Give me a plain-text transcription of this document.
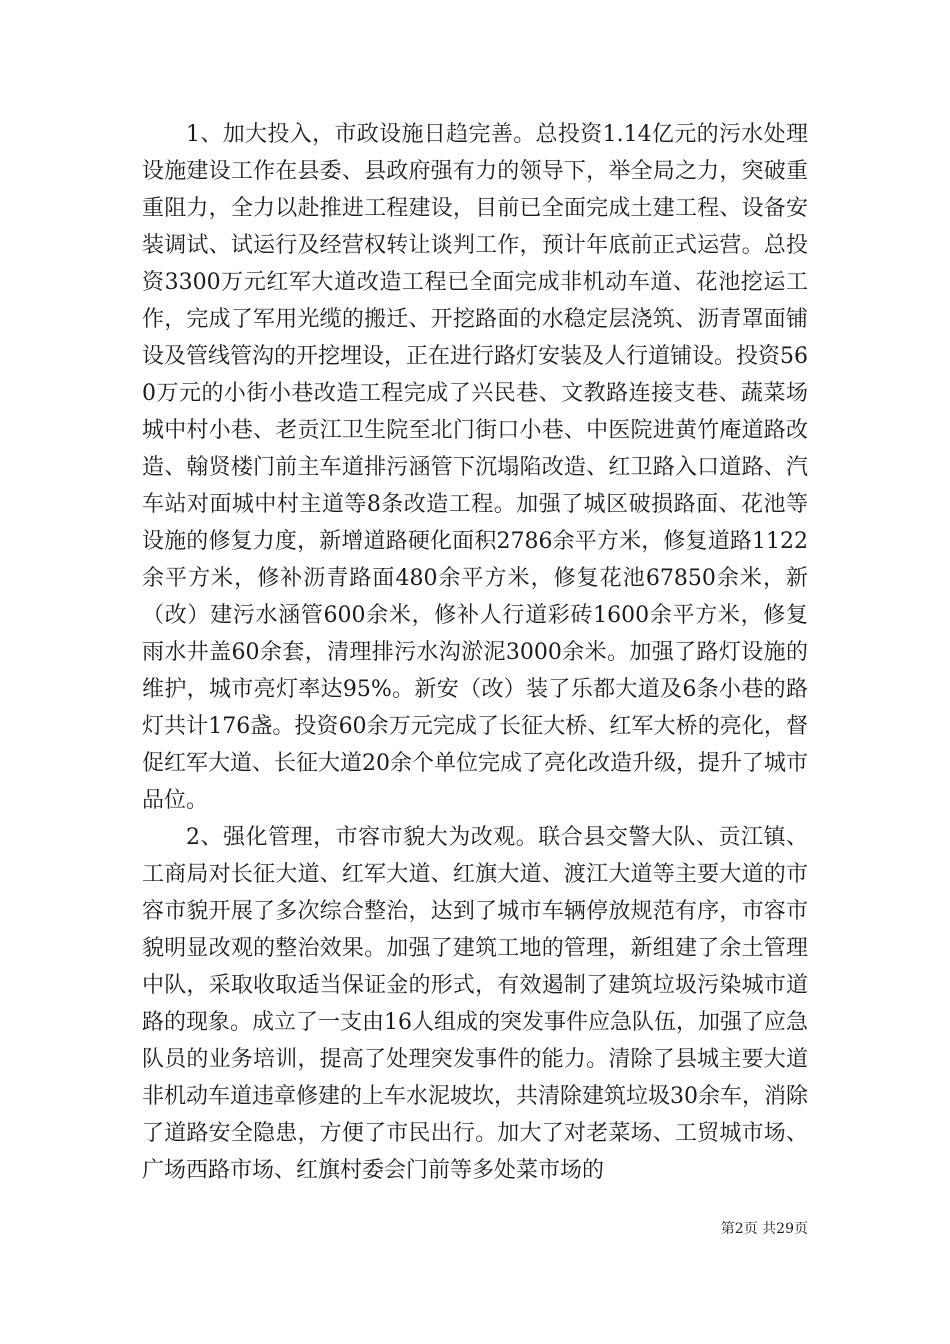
1、加大投入，市政设施日趋完善。总投资1.14亿元的污水处理设施建设工作在县委、县政府强有力的领导下，举全局之力，突破重重阻力，全力以赴推进工程建设，目前已全面完成土建工程、设备安装调试、试运行及经营权转让谈判工作，预计年底前正式运营。总投资3300万元红军大道改造工程已全面完成非机动车道、花池挖运工作，完成了军用光缆的搬迁、开挖路面的水稳定层浇筑、沥青罩面铺设及管线管沟的开挖埋设，正在进行路灯安装及人行道铺设。投资560万元的小街小巷改造工程完成了兴民巷、文教路连接支巷、蔬菜场城中村小巷、老贡江卫生院至北门街口小巷、中医院进黄竹庵道路改造、翰贤楼门前主车道排污涵管下沉塌陷改造、红卫路入口道路、汽车站对面城中村主道等8条改造工程。加强了城区破损路面、花池等设施的修复力度，新增道路硬化面积2786余平方米，修复道路1122余平方米，修补沥青路面480余平方米，修复花池67850余米，新（改）建污水涵管600余米，修补人行道彩砖1600余平方米，修复雨水井盖60余套，清理排污水沟淤泥3000余米。加强了路灯设施的维护，城市亮灯率达95%。新安（改）装了乐都大道及6条小巷的路灯共计176盏。投资60余万元完成了长征大桥、红军大桥的亮化，督促红军大道、长征大道20余个单位完成了亮化改造升级，提升了城市品位。

2、强化管理，市容市貌大为改观。联合县交警大队、贡江镇、工商局对长征大道、红军大道、红旗大道、渡江大道等主要大道的市容市貌开展了多次综合整治，达到了城市车辆停放规范有序，市容市貌明显改观的整治效果。加强了建筑工地的管理，新组建了余土管理中队，采取收取适当保证金的形式，有效遏制了建筑垃圾污染城市道路的现象。成立了一支由16人组成的突发事件应急队伍，加强了应急队员的业务培训，提高了处理突发事件的能力。清除了县城主要大道非机动车道违章修建的上车水泥坡坎，共清除建筑垃圾30余车，消除了道路安全隐患，方便了市民出行。加大了对老菜场、工贸城市场、广场西路市场、红旗村委会门前等多处菜市场的

第2页 共29页
